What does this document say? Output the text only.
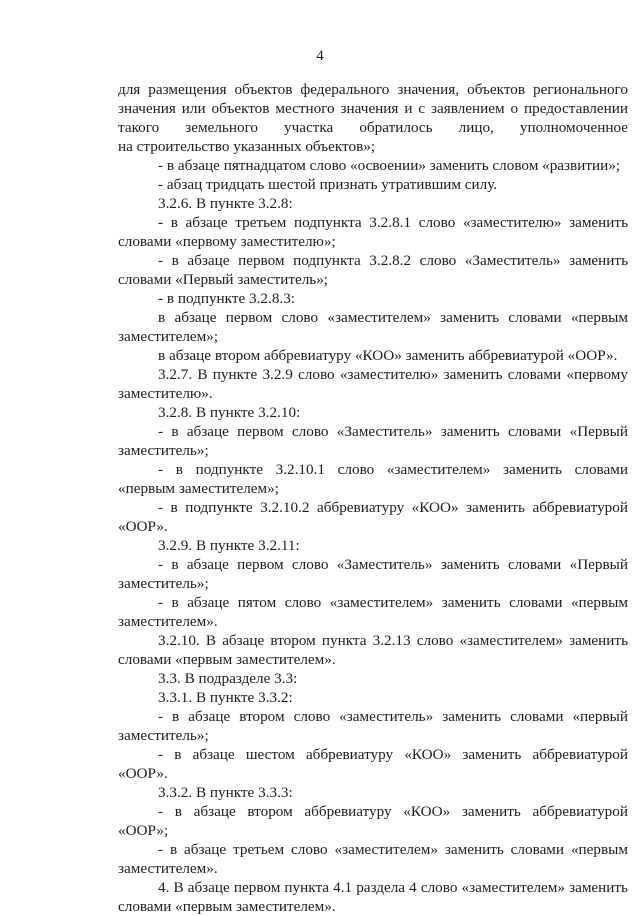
4
для размещения объектов федерального значения, объектов регионального
значения или объектов местного значения и с заявлением о предоставлении
такого земельного участка обратилось лицо, уполномоченное
на строительство указанных объектов»;
- в абзаце пятнадцатом слово «освоении» заменить словом «развитии»;
- абзац тридцать шестой признать утратившим силу.
3.2.6. В пункте 3.2.8:
- в абзаце третьем подпункта 3.2.8.1 слово «заместителю» заменить
словами «первому заместителю»;
- в абзаце первом подпункта 3.2.8.2 слово «Заместитель» заменить
словами «Первый заместитель»;
- в подпункте 3.2.8.3:
в абзаце первом слово «заместителем» заменить словами «первым
заместителем»;
в абзаце втором аббревиатуру «КОО» заменить аббревиатурой «ООР».
3.2.7. В пункте 3.2.9 слово «заместителю» заменить словами «первому
заместителю».
3.2.8. В пункте 3.2.10:
- в абзаце первом слово «Заместитель» заменить словами «Первый
заместитель»;
- в подпункте 3.2.10.1 слово «заместителем» заменить словами
«первым заместителем»;
- в подпункте 3.2.10.2 аббревиатуру «КОО» заменить аббревиатурой
«ООР».
3.2.9. В пункте 3.2.11:
- в абзаце первом слово «Заместитель» заменить словами «Первый
заместитель»;
- в абзаце пятом слово «заместителем» заменить словами «первым
заместителем».
3.2.10. В абзаце втором пункта 3.2.13 слово «заместителем» заменить
словами «первым заместителем».
3.3. В подразделе 3.3:
3.3.1. В пункте 3.3.2:
- в абзаце втором слово «заместитель» заменить словами «первый
заместитель»;
- в абзаце шестом аббревиатуру «КОО» заменить аббревиатурой
«ООР».
3.3.2. В пункте 3.3.3:
- в абзаце втором аббревиатуру «КОО» заменить аббревиатурой
«ООР»;
- в абзаце третьем слово «заместителем» заменить словами «первым
заместителем».
4. В абзаце первом пункта 4.1 раздела 4 слово «заместителем» заменить
словами «первым заместителем».
